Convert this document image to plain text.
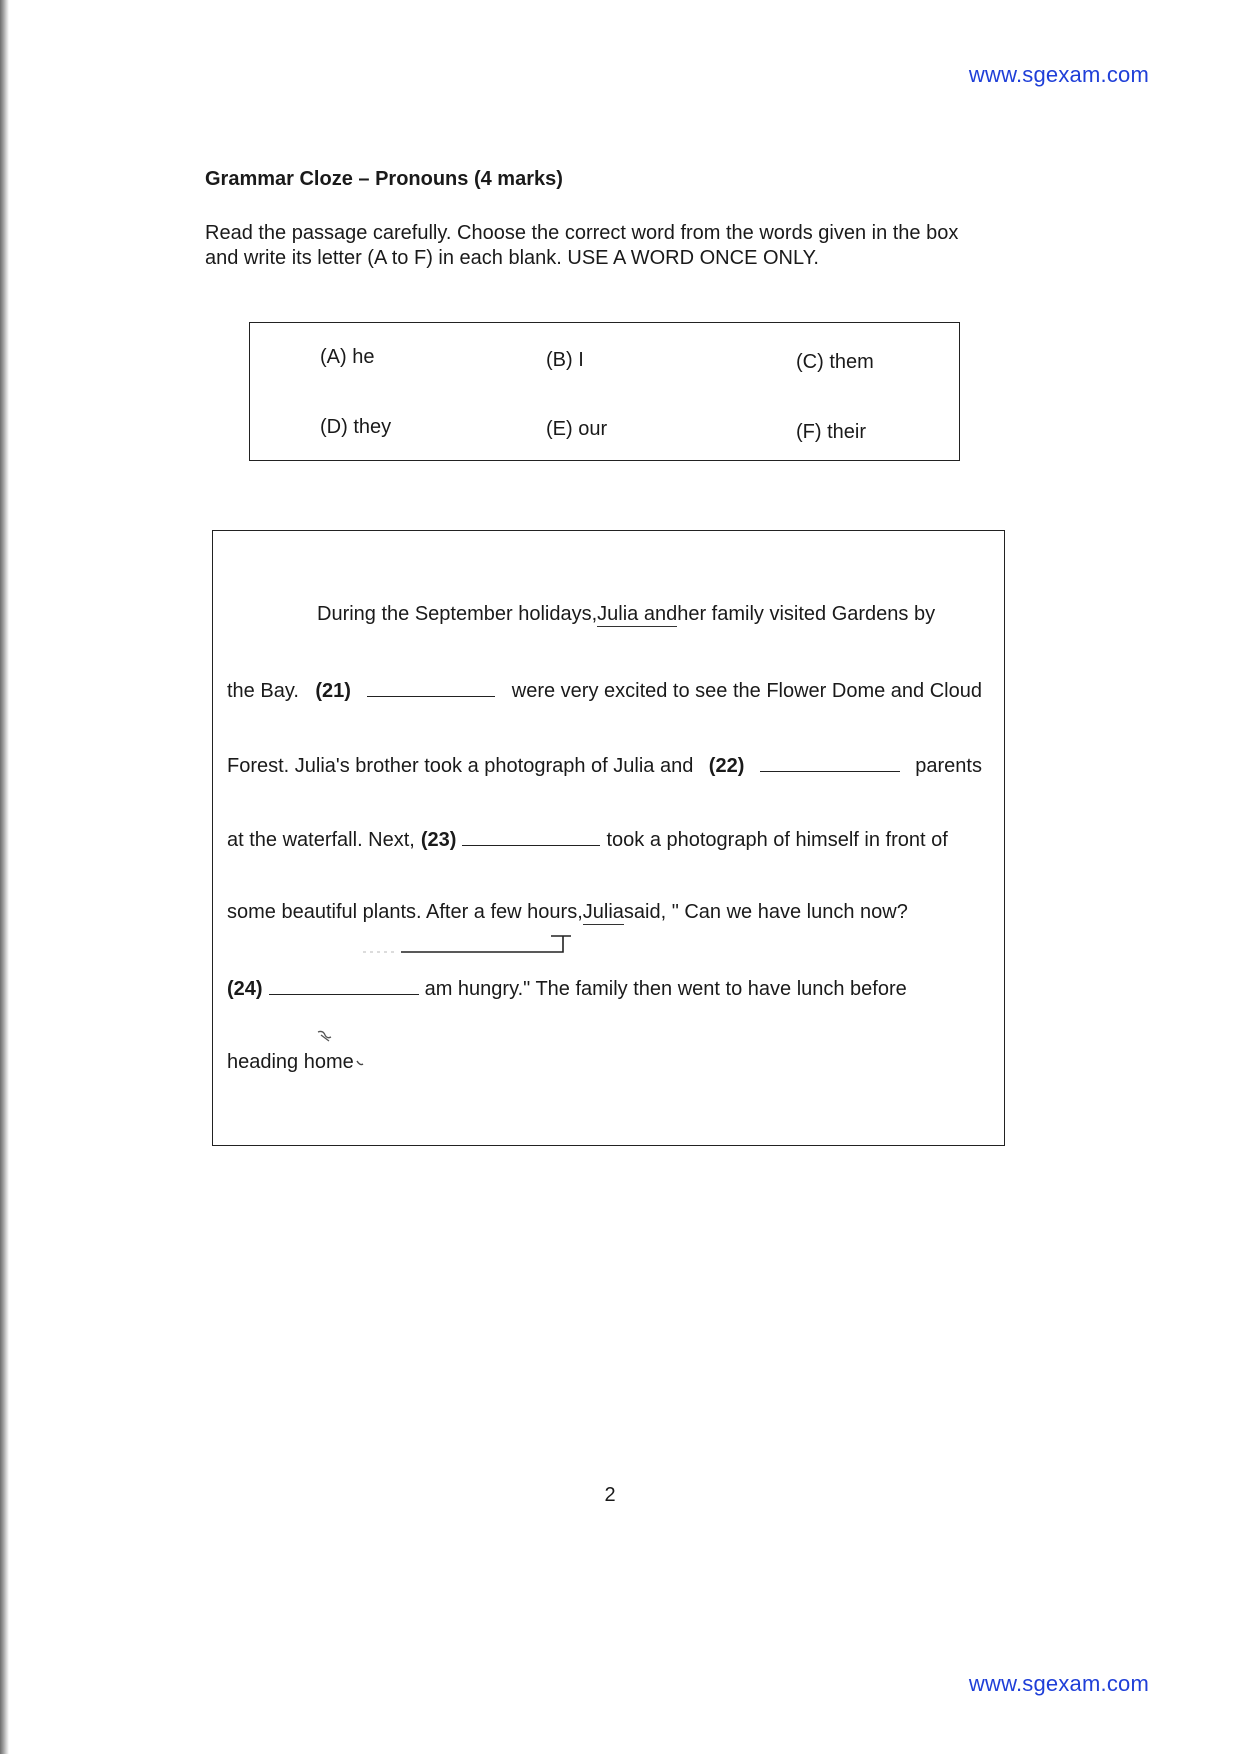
www.sgexam.com
Grammar Cloze – Pronouns (4 marks)
Read the passage carefully. Choose the correct word from the words given in the box
and write its letter (A to F) in each blank. USE A WORD ONCE ONLY.
(A) he	(B) I	(C) them
(D) they	(E) our	(F) their
During the September holidays, Julia and her family visited Gardens by
the Bay. (21)	were very excited to see the Flower Dome and Cloud
Forest. Julia's brother took a photograph of Julia and (22)	parents
at the waterfall. Next, (23)	took a photograph of himself in front of
some beautiful plants. After a few hours, Julia said, " Can we have lunch now?
(24)	am hungry." The family then went to have lunch before
heading home
2
www.sgexam.com
